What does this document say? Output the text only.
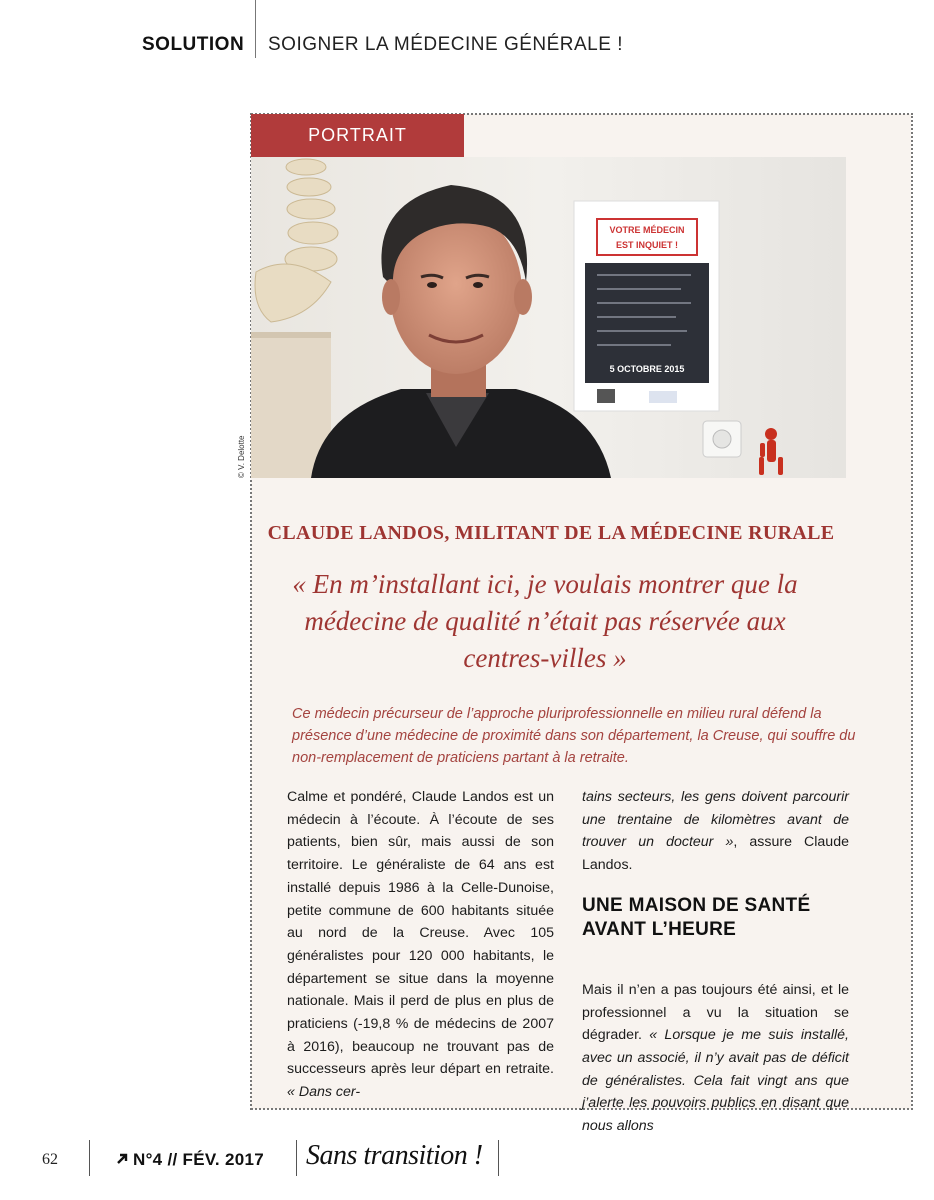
SOLUTION SOIGNER LA MÉDECINE GÉNÉRALE !
PORTRAIT
VOTRE MÉDECIN
EST INQUIET !
5 OCTOBRE 2015
© V. Delotte
CLAUDE LANDOS, MILITANT DE LA MÉDECINE RURALE
« En m’installant ici, je voulais montrer que la médecine de qualité n’était pas réservée aux centres-villes »
Ce médecin précurseur de l’approche pluriprofessionnelle en milieu rural défend la présence d’une médecine de proximité dans son département, la Creuse, qui souffre du non-remplacement de praticiens partant à la retraite.

Calme et pondéré, Claude Landos est un médecin à l’écoute. À l’écoute de ses patients, bien sûr, mais aussi de son territoire. Le généraliste de 64 ans est installé depuis 1986 à la Celle-Dunoise, petite commune de 600 habitants située au nord de la Creuse. Avec 105 généralistes pour 120 000 habitants, le département se situe dans la moyenne nationale. Mais il perd de plus en plus de praticiens (-19,8 % de médecins de 2007 à 2016), beaucoup ne trouvant pas de successeurs après leur départ en retraite. « Dans cer-

tains secteurs, les gens doivent parcourir une trentaine de kilomètres avant de trouver un docteur », assure Claude Landos.

UNE MAISON DE SANTÉ AVANT L’HEURE

Mais il n’en a pas toujours été ainsi, et le professionnel a vu la situation se dégrader. « Lorsque je me suis installé, avec un associé, il n’y avait pas de déficit de généralistes. Cela fait vingt ans que j’alerte les pouvoirs publics en disant que nous allons

62	N°4 // FÉV. 2017 Sans transition !
